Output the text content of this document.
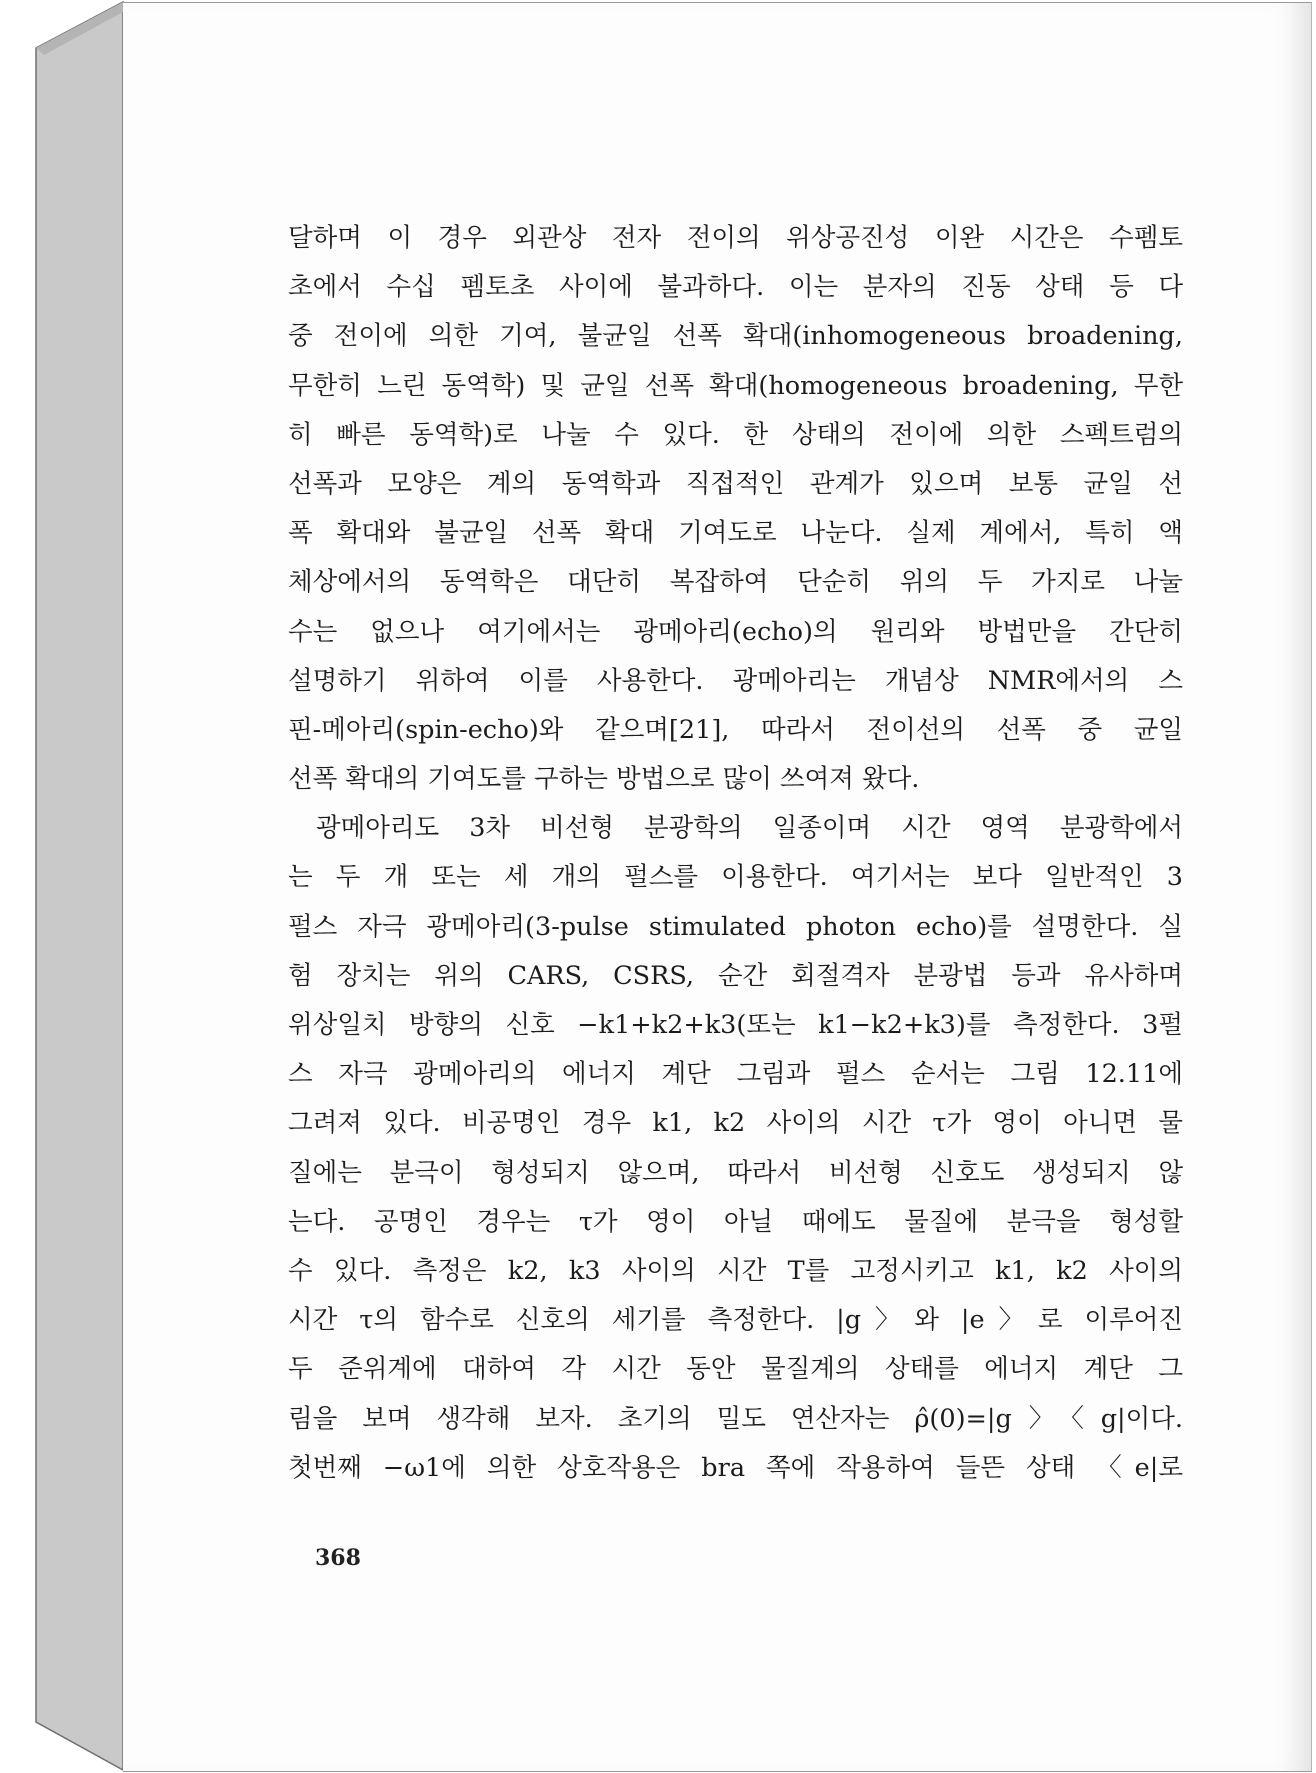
달하며 이 경우 외관상 전자 전이의 위상공진성 이완 시간은 수펨토
초에서 수십 펨토초 사이에 불과하다. 이는 분자의 진동 상태 등 다
중 전이에 의한 기여, 불균일 선폭 확대(inhomogeneous broadening,
무한히 느린 동역학) 및 균일 선폭 확대(homogeneous broadening, 무한
히 빠른 동역학)로 나눌 수 있다. 한 상태의 전이에 의한 스펙트럼의
선폭과 모양은 계의 동역학과 직접적인 관계가 있으며 보통 균일 선
폭 확대와 불균일 선폭 확대 기여도로 나눈다. 실제 계에서, 특히 액
체상에서의 동역학은 대단히 복잡하여 단순히 위의 두 가지로 나눌
수는 없으나 여기에서는 광메아리(echo)의 원리와 방법만을 간단히
설명하기 위하여 이를 사용한다. 광메아리는 개념상 NMR에서의 스
핀-메아리(spin-echo)와 같으며[21], 따라서 전이선의 선폭 중 균일
선폭 확대의 기여도를 구하는 방법으로 많이 쓰여져 왔다.
광메아리도 3차 비선형 분광학의 일종이며 시간 영역 분광학에서
는 두 개 또는 세 개의 펄스를 이용한다. 여기서는 보다 일반적인 3
펄스 자극 광메아리(3-pulse stimulated photon echo)를 설명한다. 실
험 장치는 위의 CARS, CSRS, 순간 회절격자 분광법 등과 유사하며
위상일치 방향의 신호 −k1+k2+k3(또는 k1−k2+k3)를 측정한다. 3펄
스 자극 광메아리의 에너지 계단 그림과 펄스 순서는 그림 12.11에
그려져 있다. 비공명인 경우 k1, k2 사이의 시간 τ가 영이 아니면 물
질에는 분극이 형성되지 않으며, 따라서 비선형 신호도 생성되지 않
는다. 공명인 경우는 τ가 영이 아닐 때에도 물질에 분극을 형성할
수 있다. 측정은 k2, k3 사이의 시간 T를 고정시키고 k1, k2 사이의
시간 τ의 함수로 신호의 세기를 측정한다. |g〉와 |e〉로 이루어진
두 준위계에 대하여 각 시간 동안 물질계의 상태를 에너지 계단 그
림을 보며 생각해 보자. 초기의 밀도 연산자는 ρ̂(0)=|g〉〈g|이다.
첫번째 −ω1에 의한 상호작용은 bra 쪽에 작용하여 들뜬 상태 〈e|로
368
